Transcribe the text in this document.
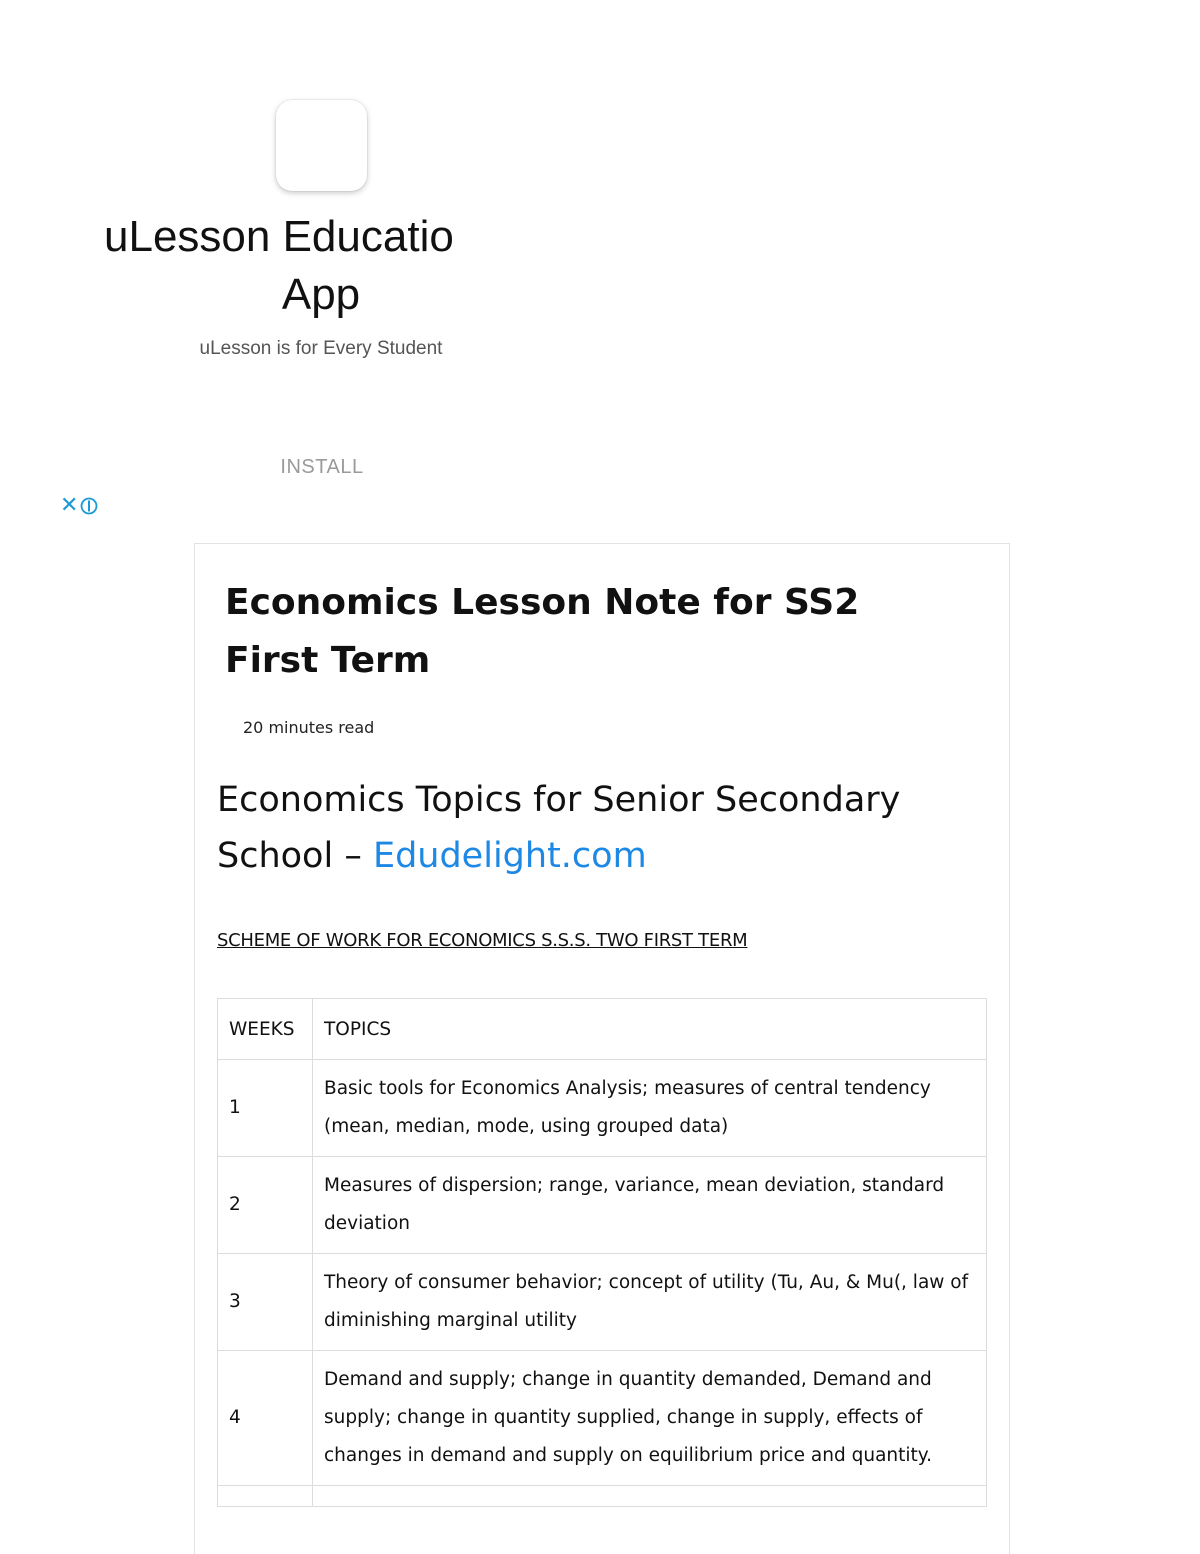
uLesson Educatio
App
uLesson is for Every Student
INSTALL
✕
Economics Lesson Note for SS2 First Term
20 minutes read
Economics Topics for Senior Secondary School – Edudelight.com
SCHEME OF WORK FOR ECONOMICS S.S.S. TWO FIRST TERM
WEEKS	TOPICS
1	Basic tools for Economics Analysis; measures of central tendency (mean, median, mode, using grouped data)
2	Measures of dispersion; range, variance, mean deviation, standard deviation
3	Theory of consumer behavior; concept of utility (Tu, Au, & Mu(, law of diminishing marginal utility
4	Demand and supply; change in quantity demanded, Demand and supply; change in quantity supplied, change in supply, effects of changes in demand and supply on equilibrium price and quantity.
